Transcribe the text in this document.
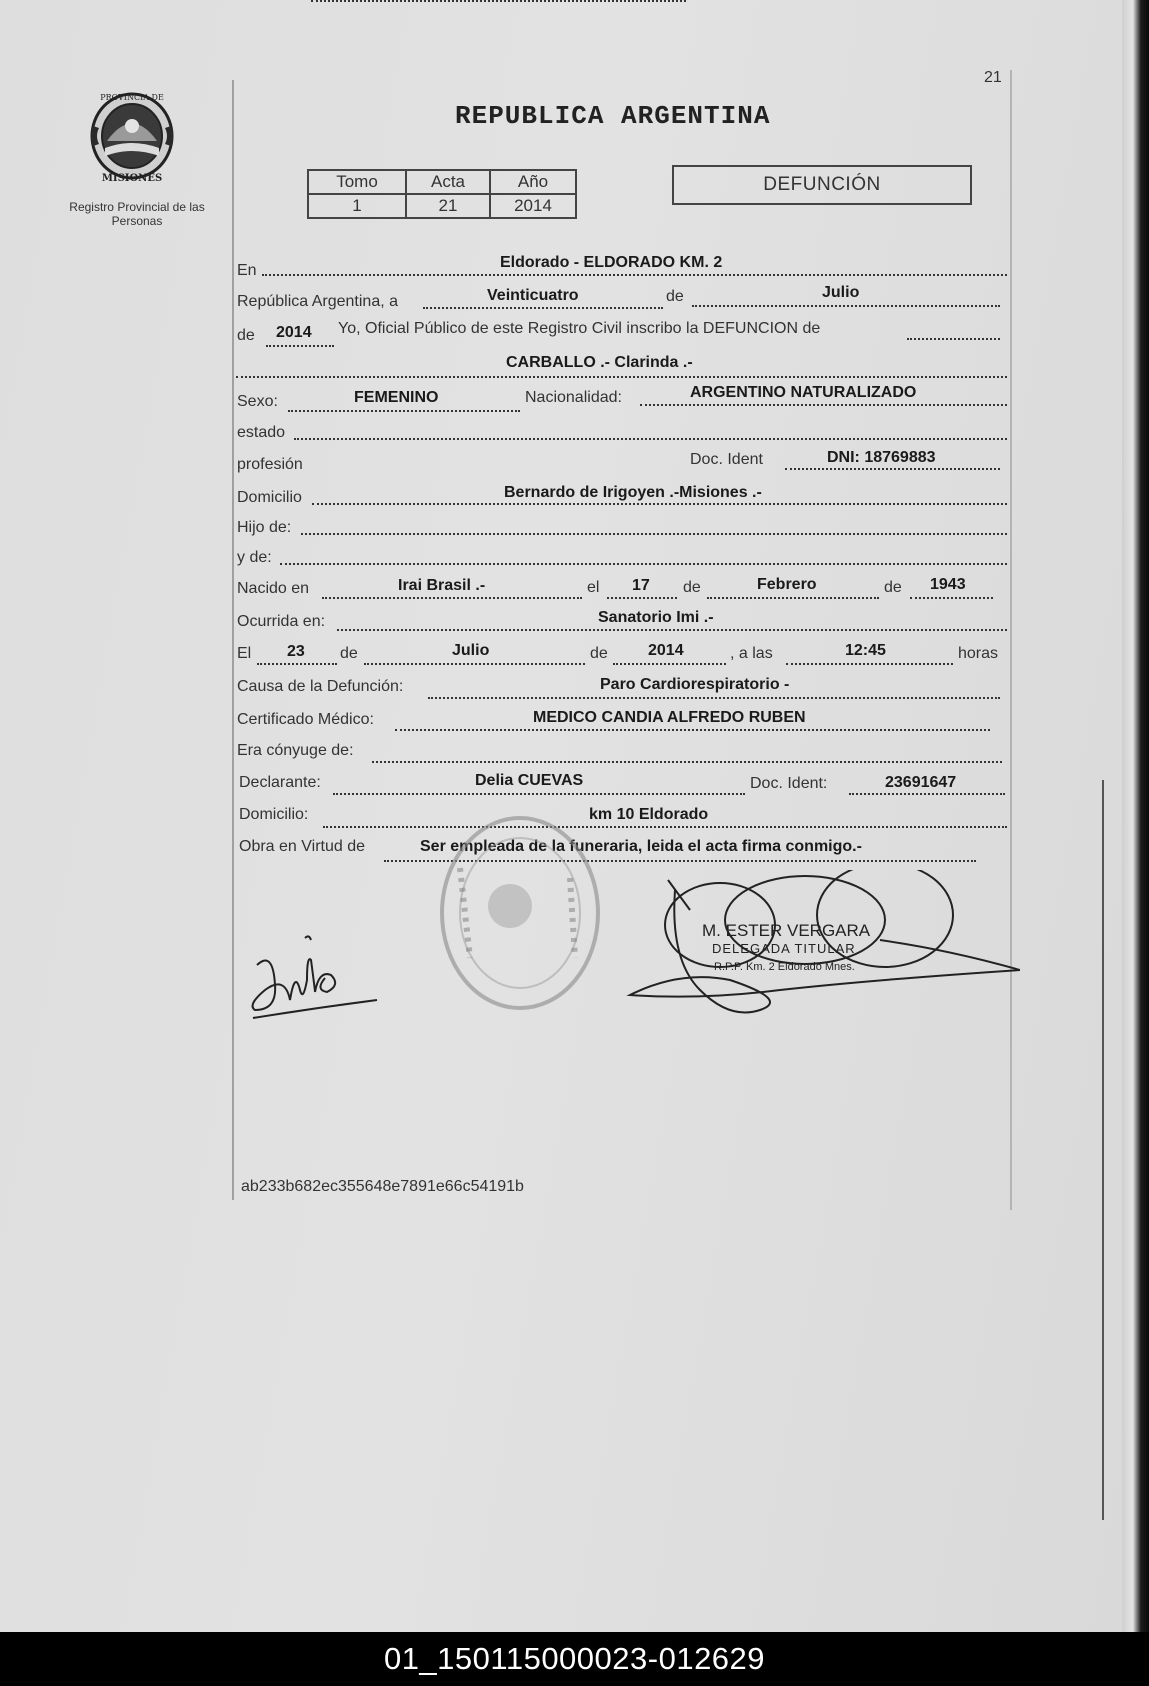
PROVINCIA DE
MISIONES
Registro Provincial de las Personas
21
REPUBLICA ARGENTINA
Tomo	Acta	Año
1	21	2014
DEFUNCIÓN
En	Eldorado - ELDORADO KM. 2
República Argentina, a	Veinticuatro	de	Julio
de 2014 Yo, Oficial Público de este Registro Civil inscribo la DEFUNCION de
CARBALLO .- Clarinda .-
Sexo:	FEMENINO	Nacionalidad:	ARGENTINO NATURALIZADO
estado
profesión	Doc. Ident	DNI: 18769883
Domicilio	Bernardo de Irigoyen .-Misiones .-
Hijo de:
y de:
Nacido en	Irai Brasil .-	el 17 de	Febrero	de 1943
Ocurrida en:	Sanatorio Imi .-
El 23 de	Julio	de	2014	, a las	12:45	horas
Causa de la Defunción:	Paro Cardiorespiratorio -
Certificado Médico:	MEDICO CANDIA ALFREDO RUBEN
Era cónyuge de:
Declarante:	Delia CUEVAS	Doc. Ident:	23691647
Domicilio:	km 10 Eldorado
Obra en Virtud de	Ser empleada de la funeraria, leida el acta firma conmigo.-
M. ESTER VERGARA
DELEGADA TITULAR
R.P.P. Km. 2 Eldorado Mnes.
ab233b682ec355648e7891e66c54191b
01_150115000023-012629
